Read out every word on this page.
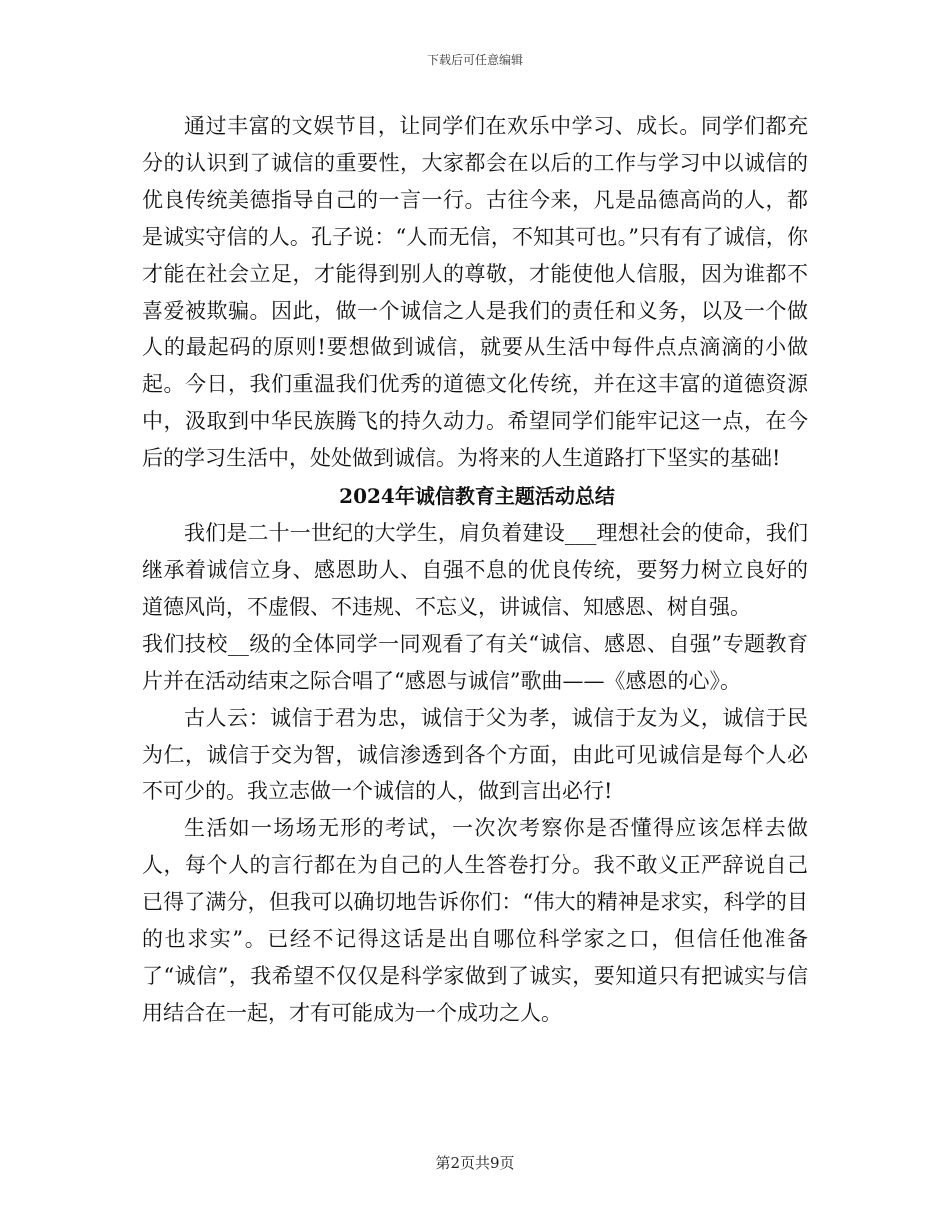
下载后可任意编辑

通过丰富的文娱节目，让同学们在欢乐中学习、成长。同学们都充分的认识到了诚信的重要性，大家都会在以后的工作与学习中以诚信的优良传统美德指导自己的一言一行。古往今来，凡是品德高尚的人，都是诚实守信的人。孔子说：“人而无信，不知其可也。”只有有了诚信，你才能在社会立足，才能得到别人的尊敬，才能使他人信服，因为谁都不喜爱被欺骗。因此，做一个诚信之人是我们的责任和义务，以及一个做人的最起码的原则!要想做到诚信，就要从生活中每件点点滴滴的小做起。今日，我们重温我们优秀的道德文化传统，并在这丰富的道德资源中，汲取到中华民族腾飞的持久动力。希望同学们能牢记这一点，在今后的学习生活中，处处做到诚信。为将来的人生道路打下坚实的基础!

2024年诚信教育主题活动总结

我们是二十一世纪的大学生，肩负着建设___理想社会的使命，我们继承着诚信立身、感恩助人、自强不息的优良传统，要努力树立良好的道德风尚，不虚假、不违规、不忘义，讲诚信、知感恩、树自强。

我们技校__级的全体同学一同观看了有关“诚信、感恩、自强”专题教育片并在活动结束之际合唱了“感恩与诚信”歌曲——《感恩的心》。

古人云：诚信于君为忠，诚信于父为孝，诚信于友为义，诚信于民为仁，诚信于交为智，诚信渗透到各个方面，由此可见诚信是每个人必不可少的。我立志做一个诚信的人，做到言出必行!

生活如一场场无形的考试，一次次考察你是否懂得应该怎样去做人，每个人的言行都在为自己的人生答卷打分。我不敢义正严辞说自己已得了满分，但我可以确切地告诉你们：“伟大的精神是求实，科学的目的也求实”。已经不记得这话是出自哪位科学家之口，但信任他准备了“诚信”，我希望不仅仅是科学家做到了诚实，要知道只有把诚实与信用结合在一起，才有可能成为一个成功之人。

第2页共9页
